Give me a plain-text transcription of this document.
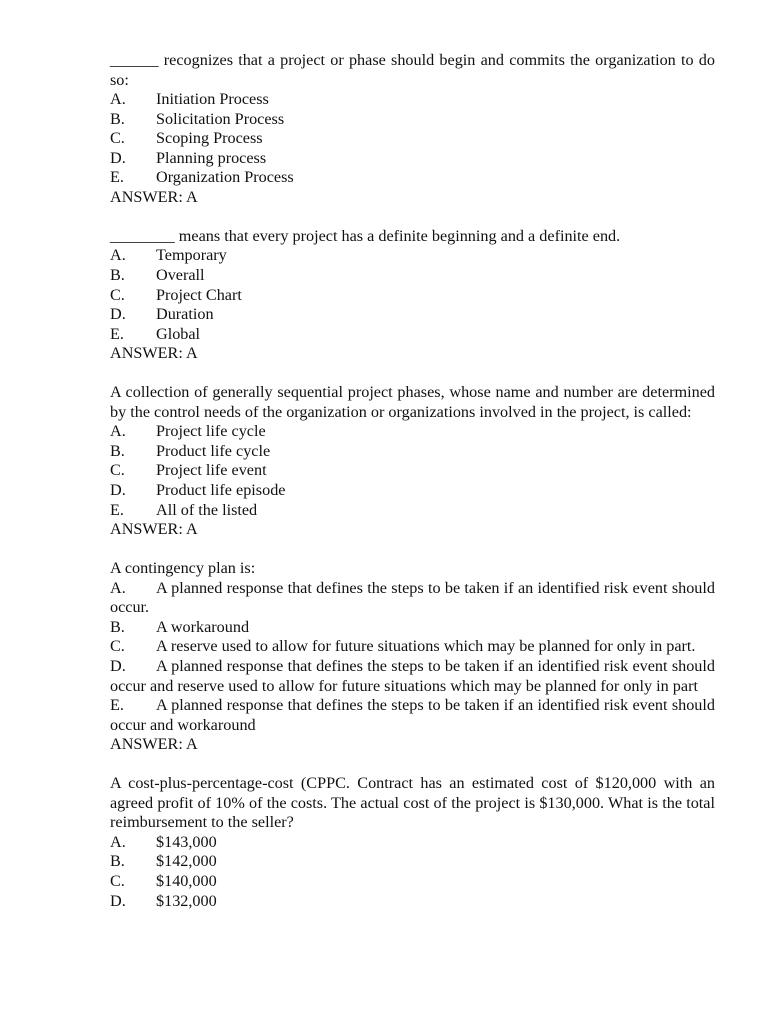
______ recognizes that a project or phase should begin and commits the organization to do so:
A.	Initiation Process
B.	Solicitation Process
C.	Scoping Process
D.	Planning process
E.	Organization Process
ANSWER: A
________ means that every project has a definite beginning and a definite end.
A.	Temporary
B.	Overall
C.	Project Chart
D.	Duration
E.	Global
ANSWER: A
A collection of generally sequential project phases, whose name and number are determined by the control needs of the organization or organizations involved in the project, is called:
A.	Project life cycle
B.	Product life cycle
C.	Project life event
D.	Product life episode
E.	All of the listed
ANSWER: A
A contingency plan is:
A. A planned response that defines the steps to be taken if an identified risk event should occur.
B. A workaround
C. A reserve used to allow for future situations which may be planned for only in part.
D. A planned response that defines the steps to be taken if an identified risk event should occur and reserve used to allow for future situations which may be planned for only in part
E. A planned response that defines the steps to be taken if an identified risk event should occur and workaround
ANSWER: A
A cost-plus-percentage-cost (CPPC. Contract has an estimated cost of $120,000 with an agreed profit of 10% of the costs. The actual cost of the project is $130,000. What is the total reimbursement to the seller?
A.	$143,000
B.	$142,000
C.	$140,000
D.	$132,000
